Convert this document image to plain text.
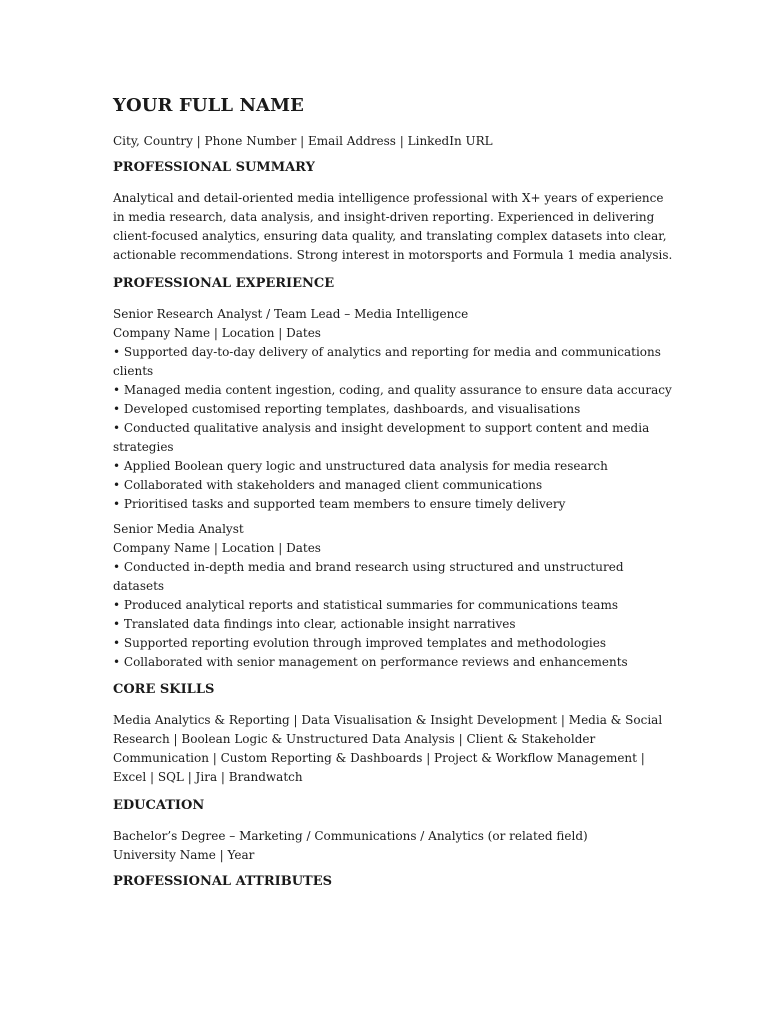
YOUR FULL NAME

City, Country | Phone Number | Email Address | LinkedIn URL

PROFESSIONAL SUMMARY

Analytical and detail-oriented media intelligence professional with X+ years of experience
in media research, data analysis, and insight-driven reporting. Experienced in delivering
client-focused analytics, ensuring data quality, and translating complex datasets into clear,
actionable recommendations. Strong interest in motorsports and Formula 1 media analysis.

PROFESSIONAL EXPERIENCE

Senior Research Analyst / Team Lead – Media Intelligence

Company Name | Location | Dates

• Supported day-to-day delivery of analytics and reporting for media and communications
clients
• Managed media content ingestion, coding, and quality assurance to ensure data accuracy
• Developed customised reporting templates, dashboards, and visualisations
• Conducted qualitative analysis and insight development to support content and media
strategies
• Applied Boolean query logic and unstructured data analysis for media research
• Collaborated with stakeholders and managed client communications
• Prioritised tasks and supported team members to ensure timely delivery

Senior Media Analyst

Company Name | Location | Dates

• Conducted in-depth media and brand research using structured and unstructured datasets
• Produced analytical reports and statistical summaries for communications teams
• Translated data findings into clear, actionable insight narratives
• Supported reporting evolution through improved templates and methodologies
• Collaborated with senior management on performance reviews and enhancements
CORE SKILLS

Media Analytics & Reporting | Data Visualisation & Insight Development | Media & Social
Research | Boolean Logic & Unstructured Data Analysis | Client & Stakeholder
Communication | Custom Reporting & Dashboards | Project & Workflow Management |
Excel | SQL | Jira | Brandwatch

EDUCATION

Bachelor’s Degree – Marketing / Communications / Analytics (or related field)

University Name | Year

PROFESSIONAL ATTRIBUTES
